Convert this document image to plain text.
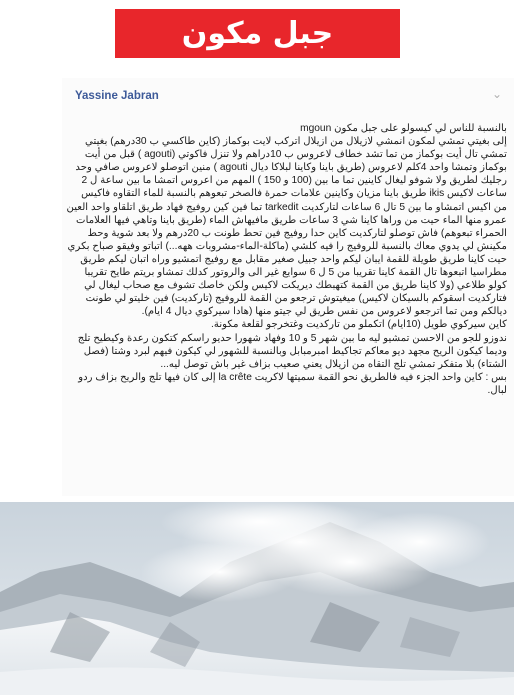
جبل مكون
Yassine Jabran	⌄

بالنسبة للناس لي كيسولو على جبل مكون mgoun

إلى بغيتي تمشي لمكون انمشي لازيلال من ازيلال اتركب لايت بوكماز (كاين طاكسي ب 30درهم) بغيتي تمشي تال أيت بوكماز من تما تشد خطاف لاعروس ب 10دراهم ولا تنزل فاكوتي (agouti ) قبل من أيت بوكماز وتمشا واحد 4كلم لاعروس (طريق باينا وكاينا لبلاكا ديال agouti ) منين اتوصلو لاعروس صافي وحد رجليك لطريق ولا شوفو ليغال كاينين تما ما بين (100 و 150 ) المهم من اعروس اتمشا ما بين ساعة ل 2 ساعات لاكيس ikis طريق باينا مزيان وكاينين علامات حمرة فالصخر تبعوهم بالنسبة للماء التقاوه فاكيس من اكيس اتمشاو ما بين 5 تال 6 ساعات لتاركديت tarkedit تما فين كين روفيج فهاد طريق اتلقاو واحد العين عمرو منها الماء حيت من وراها كاينا شي 3 ساعات طريق مافيهاش الماء (طريق باينا وتاهي فيها العلامات الحمراء تبعوهم) فاش توصلو لتاركديت كاين حدا روفيج فين تحط طونت ب 20درهم ولا بعد شوية وحط مكينش لي يدوي معاك بالنسبة للروفيج را فيه كلشي (ماكلة-الماء-مشروبات ههه...) اتباتو وفيقو صباح بكري حيت كاينا طريق طويلة للقمة ايبان ليكم واحد جبيل صغير مقابل مع روفيج اتمشيو وراه اتبان ليكم طريق مطراسيا اتبعوها تال القمة كاينا تقريبا من 5 ل 6 سوايع غير الى والروتور كدلك تمشاو بريتم طايح تقريبا كولو طلاعي (ولا كاينا طريق من القمة كتهبطك ديريكت لاكيس ولكن خاصك تشوف مع صحاب ليغال لي فتاركديت اسقوكم بالسيكان لاكيس) ميغيتوش ترجعو من القمة للروفيج (تاركديت) فين خليتو لي طونت ديالكم ومن تما اترجعو لاعروس من نفس طريق لي جيتو منها (هادا سيركوي ديال 4 ايام).

كاين سيركوي طويل (10ايام) اتكملو من تاركديت وغتخرجو لقلعة مكونة.

ندوزو للجو من الاحسن تمشيو ليه ما بين شهر 5 و 10 وفهاد شهورا حديو راسكم كتكون رعدة وكيطيح تلج وديما كيكون الريح مجهد ديو معاكم تجاكيط امبرمبابل وبالنسبة للشهور لي كيكون فيهم لبرد وشتا (فصل الشتاء) بلا متفكر تمشي تلج التقاه من ازيلال يعني صعيب بزاف غير باش توصل ليه...

بس : كاين واحد الجزء فيه فالطريق نحو القمة سميتها لاكريت la crête إلى كان فيها تلج والريح بزاف ردو لبال.
